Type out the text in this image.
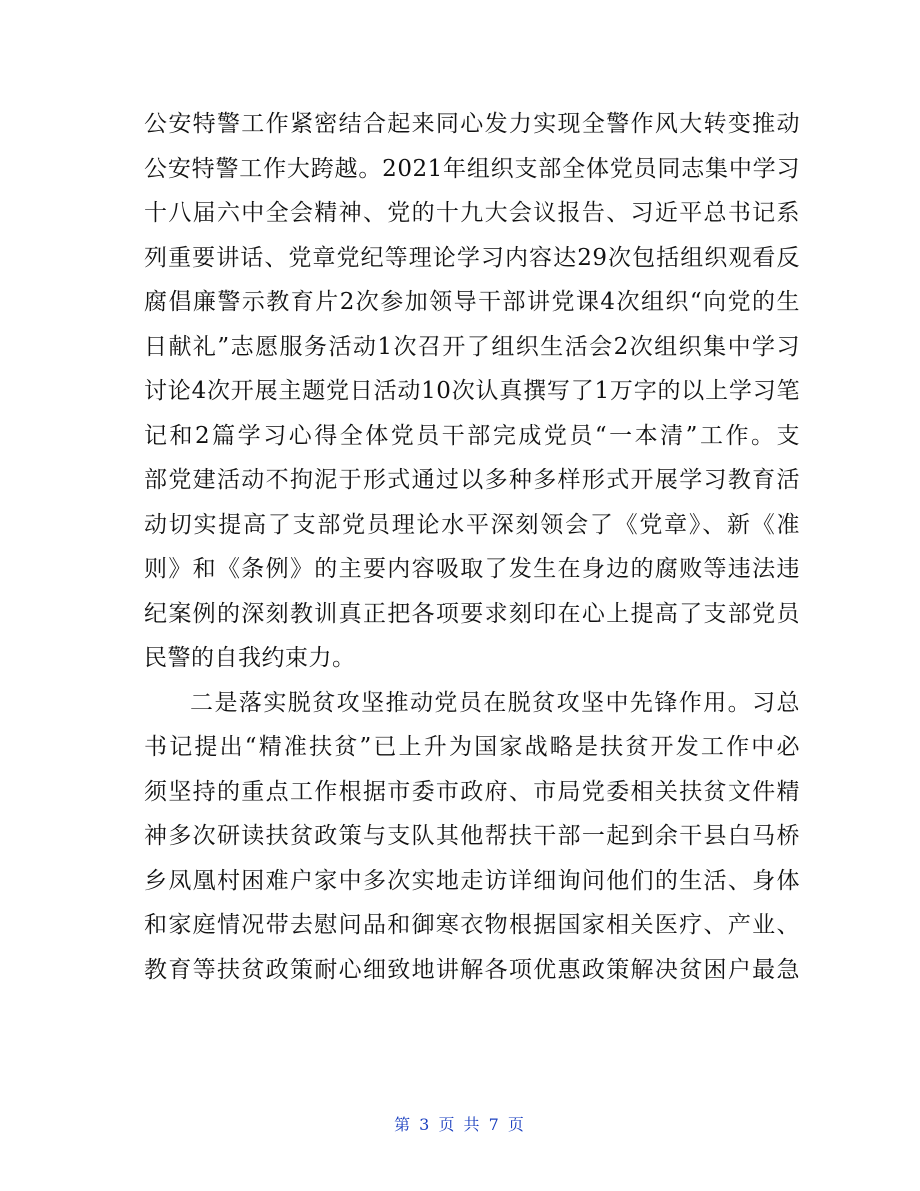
公安特警工作紧密结合起来同心发力实现全警作风大转变推动
公安特警工作大跨越。2021年组织支部全体党员同志集中学习
十八届六中全会精神、党的十九大会议报告、习近平总书记系
列重要讲话、党章党纪等理论学习内容达29次包括组织观看反
腐倡廉警示教育片2次参加领导干部讲党课4次组织“向党的生
日献礼”志愿服务活动1次召开了组织生活会2次组织集中学习
讨论4次开展主题党日活动10次认真撰写了1万字的以上学习笔
记和2篇学习心得全体党员干部完成党员“一本清”工作。支
部党建活动不拘泥于形式通过以多种多样形式开展学习教育活
动切实提高了支部党员理论水平深刻领会了《党章》、新《准
则》和《条例》的主要内容吸取了发生在身边的腐败等违法违
纪案例的深刻教训真正把各项要求刻印在心上提高了支部党员
民警的自我约束力。
二是落实脱贫攻坚推动党员在脱贫攻坚中先锋作用。习总
书记提出“精准扶贫”已上升为国家战略是扶贫开发工作中必
须坚持的重点工作根据市委市政府、市局党委相关扶贫文件精
神多次研读扶贫政策与支队其他帮扶干部一起到余干县白马桥
乡凤凰村困难户家中多次实地走访详细询问他们的生活、身体
和家庭情况带去慰问品和御寒衣物根据国家相关医疗、产业、
教育等扶贫政策耐心细致地讲解各项优惠政策解决贫困户最急
第 3 页 共 7 页
